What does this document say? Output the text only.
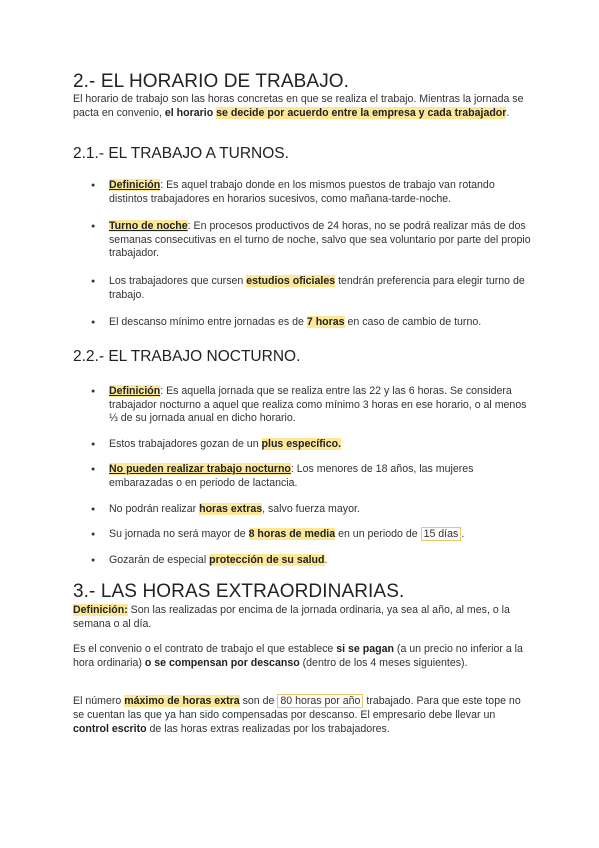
2.- EL HORARIO DE TRABAJO.

El horario de trabajo son las horas concretas en que se realiza el trabajo. Mientras la jornada se pacta en convenio, el horario se decide por acuerdo entre la empresa y cada trabajador.

2.1.- EL TRABAJO A TURNOS.
● Definición: Es aquel trabajo donde en los mismos puestos de trabajo van rotando distintos trabajadores en horarios sucesivos, como mañana-tarde-noche.
● Turno de noche: En procesos productivos de 24 horas, no se podrá realizar más de dos semanas consecutivas en el turno de noche, salvo que sea voluntario por parte del propio trabajador.
● Los trabajadores que cursen estudios oficiales tendrán preferencia para elegir turno de trabajo.
● El descanso mínimo entre jornadas es de 7 horas en caso de cambio de turno.
2.2.- EL TRABAJO NOCTURNO.
● Definición: Es aquella jornada que se realiza entre las 22 y las 6 horas. Se considera trabajador nocturno a aquel que realiza como mínimo 3 horas en ese horario, o al menos ⅓ de su jornada anual en dicho horario.
● Estos trabajadores gozan de un plus específico.
● No pueden realizar trabajo nocturno: Los menores de 18 años, las mujeres embarazadas o en periodo de lactancia.
● No podrán realizar horas extras, salvo fuerza mayor.
● Su jornada no será mayor de 8 horas de media en un periodo de 15 días .
● Gozarán de especial protección de su salud.
3.- LAS HORAS EXTRAORDINARIAS.

Definición: Son las realizadas por encima de la jornada ordinaria, ya sea al año, al mes, o la semana o al día.

Es el convenio o el contrato de trabajo el que establece si se pagan (a un precio no inferior a la hora ordinaria) o se compensan por descanso (dentro de los 4 meses siguientes).

El número máximo de horas extra son de 80 horas por año trabajado. Para que este tope no se cuentan las que ya han sido compensadas por descanso. El empresario debe llevar un control escrito de las horas extras realizadas por los trabajadores.
